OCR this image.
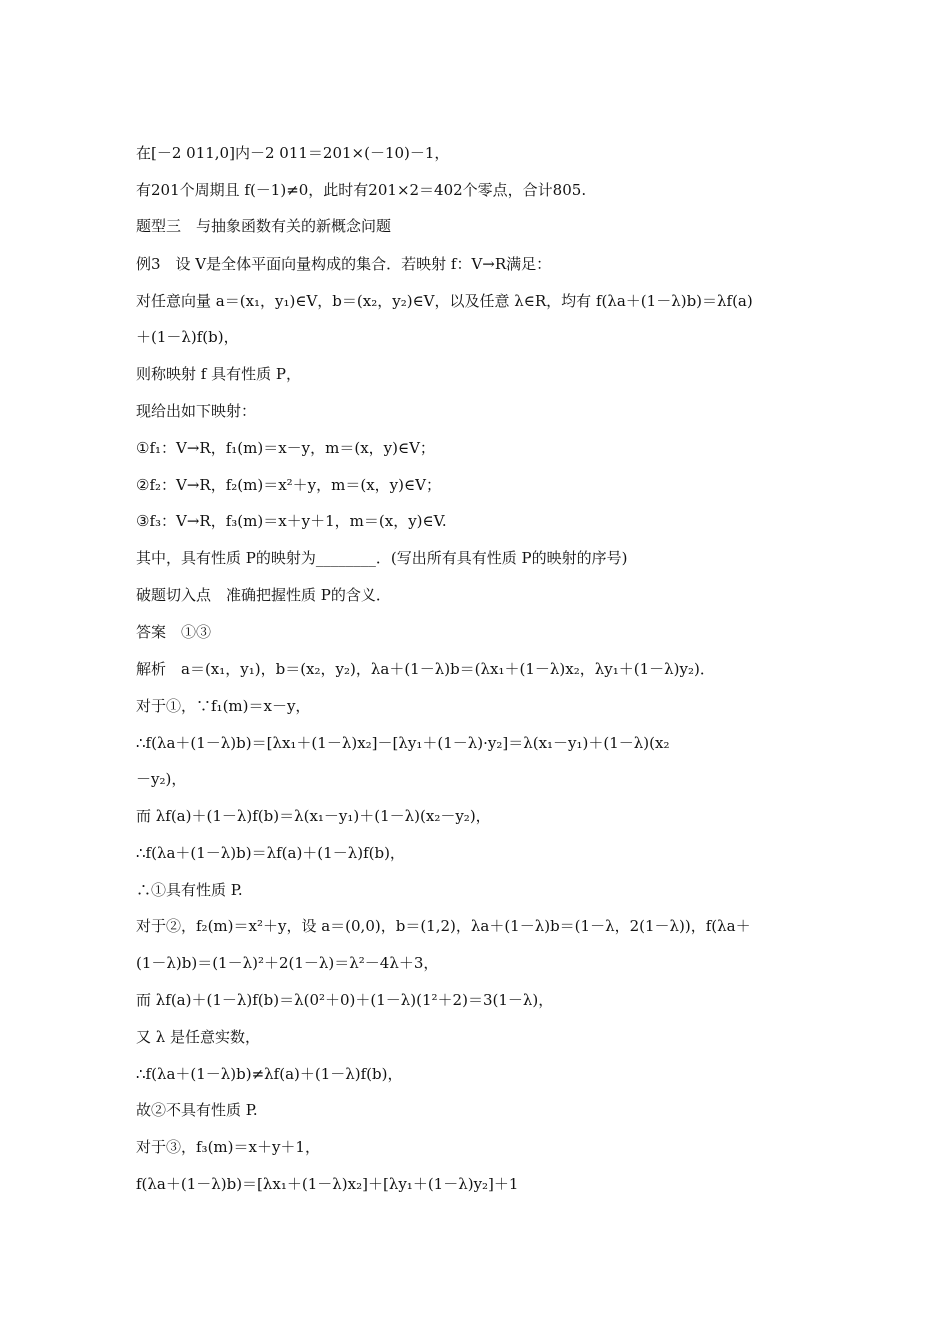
在[－2 011,0]内－2 011＝201×(－10)－1，
有201个周期且 f(－1)≠0，此时有201×2＝402个零点，合计805.
题型三　与抽象函数有关的新概念问题
例3　设 V是全体平面向量构成的集合．若映射 f：V→R满足：
对任意向量 a＝(x₁，y₁)∈V，b＝(x₂，y₂)∈V，以及任意 λ∈R，均有 f(λa＋(1－λ)b)＝λf(a)
＋(1－λ)f(b)，
则称映射 f 具有性质 P，
现给出如下映射：
①f₁：V→R，f₁(m)＝x－y，m＝(x，y)∈V；
②f₂：V→R，f₂(m)＝x²＋y，m＝(x，y)∈V；
③f₃：V→R，f₃(m)＝x＋y＋1，m＝(x，y)∈V.
其中，具有性质 P的映射为________．(写出所有具有性质 P的映射的序号)
破题切入点　准确把握性质 P的含义．
答案　①③
解析　a＝(x₁，y₁)，b＝(x₂，y₂)，λa＋(1－λ)b＝(λx₁＋(1－λ)x₂，λy₁＋(1－λ)y₂)．
对于①，∵f₁(m)＝x－y，
∴f(λa＋(1－λ)b)＝[λx₁＋(1－λ)x₂]－[λy₁＋(1－λ)·y₂]＝λ(x₁－y₁)＋(1－λ)(x₂
－y₂)，
而 λf(a)＋(1－λ)f(b)＝λ(x₁－y₁)＋(1－λ)(x₂－y₂)，
∴f(λa＋(1－λ)b)＝λf(a)＋(1－λ)f(b)，
∴①具有性质 P.
对于②，f₂(m)＝x²＋y，设 a＝(0,0)，b＝(1,2)，λa＋(1－λ)b＝(1－λ，2(1－λ))，f(λa＋
(1－λ)b)＝(1－λ)²＋2(1－λ)＝λ²－4λ＋3，
而 λf(a)＋(1－λ)f(b)＝λ(0²＋0)＋(1－λ)(1²＋2)＝3(1－λ)，
又 λ 是任意实数，
∴f(λa＋(1－λ)b)≠λf(a)＋(1－λ)f(b)，
故②不具有性质 P.
对于③，f₃(m)＝x＋y＋1，
f(λa＋(1－λ)b)＝[λx₁＋(1－λ)x₂]＋[λy₁＋(1－λ)y₂]＋1
